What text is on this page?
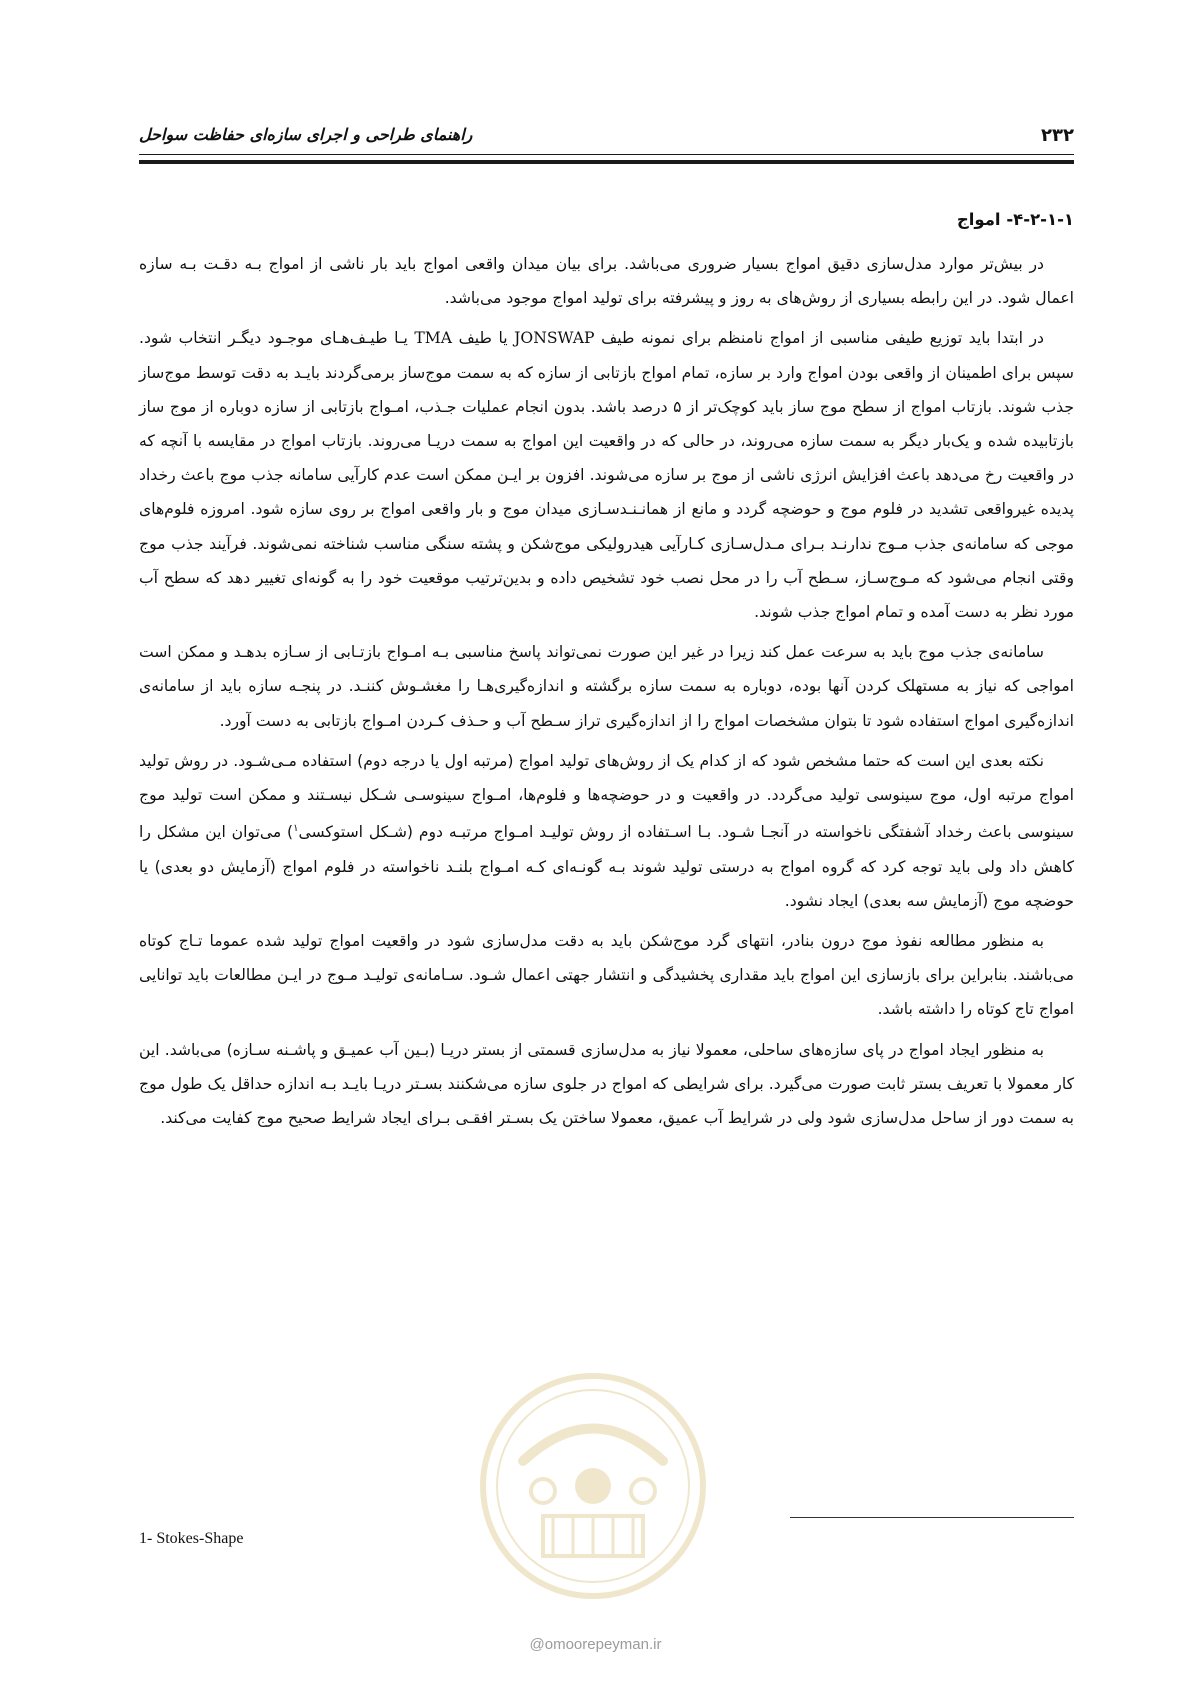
راهنمای طراحی و اجرای سازه‌ای حفاظت سواحل	۲۳۲
۴-۲-۱-۱- امواج

در بیش‌تر موارد مدل‌سازی دقیق امواج بسیار ضروری می‌باشد. برای بیان میدان واقعی امواج باید بار ناشی از امواج بـه دقـت بـه سازه اعمال شود. در این رابطه بسیاری از روش‌های به روز و پیشرفته برای تولید امواج موجود می‌باشد.

در ابتدا باید توزیع طیفی مناسبی از امواج نامنظم برای نمونه طیف JONSWAP یا طیف TMA یـا طیـف‌هـای موجـود دیگـر انتخاب شود. سپس برای اطمینان از واقعی بودن امواج وارد بر سازه، تمام امواج بازتابی از سازه که به سمت موج‌ساز برمی‌گردند بایـد به دقت توسط موج‌ساز جذب شوند. بازتاب امواج از سطح موج ساز باید کوچک‌تر از ۵ درصد باشد. بدون انجام عملیات جـذب، امـواج بازتابی از سازه دوباره از موج ساز بازتابیده شده و یک‌بار دیگر به سمت سازه می‌روند، در حالی که در واقعیت این امواج به سمت دریـا می‌روند. بازتاب امواج در مقایسه با آنچه که در واقعیت رخ می‌دهد باعث افزایش انرژی ناشی از موج بر سازه می‌شوند. افزون بر ایـن ممکن است عدم کارآیی سامانه جذب موج باعث رخداد پدیده غیرواقعی تشدید در فلوم موج و حوضچه گردد و مانع از همانـنـدسـازی میدان موج و بار واقعی امواج بر روی سازه شود. امروزه فلوم‌های موجی که سامانه‌ی جذب مـوج ندارنـد بـرای مـدل‌سـازی کـارآیی هیدرولیکی موج‌شکن و پشته سنگی مناسب شناخته نمی‌شوند. فرآیند جذب موج وقتی انجام می‌شود که مـوج‌سـاز، سـطح آب را در محل نصب خود تشخیص داده و بدین‌ترتیب موقعیت خود را به گونه‌ای تغییر دهد که سطح آب مورد نظر به دست آمده و تمام امواج جذب شوند.

سامانه‌ی جذب موج باید به سرعت عمل کند زیرا در غیر این صورت نمی‌تواند پاسخ مناسبی بـه امـواج بازتـابی از سـازه بدهـد و ممکن است امواجی که نیاز به مستهلک کردن آنها بوده، دوباره به سمت سازه برگشته و اندازه‌گیری‌هـا را مغشـوش کننـد. در پنجـه سازه باید از سامانه‌ی اندازه‌گیری امواج استفاده شود تا بتوان مشخصات امواج را از اندازه‌گیری تراز سـطح آب و حـذف کـردن امـواج بازتابی به دست آورد.

نکته بعدی این است که حتما مشخص شود که از کدام یک از روش‌های تولید امواج (مرتبه اول یا درجه دوم) استفاده مـی‌شـود. در روش تولید امواج مرتبه اول، موج سینوسی تولید می‌گردد. در واقعیت و در حوضچه‌ها و فلوم‌ها، امـواج سینوسـی شـکل نیسـتند و ممکن است تولید موج سینوسی باعث رخداد آشفتگی ناخواسته در آنجـا شـود. بـا اسـتفاده از روش تولیـد امـواج مرتبـه دوم (شـکل استوکسی$^۱$) می‌توان این مشکل را کاهش داد ولی باید توجه کرد که گروه امواج به درستی تولید شوند بـه گونـه‌ای کـه امـواج بلنـد ناخواسته در فلوم امواج (آزمایش دو بعدی) یا حوضچه موج (آزمایش سه بعدی) ایجاد نشود.

به منظور مطالعه نفوذ موج درون بنادر، انتهای گرد موج‌شکن باید به دقت مدل‌سازی شود در واقعیت امواج تولید شده عموما تـاج کوتاه می‌باشند. بنابراین برای بازسازی این امواج باید مقداری پخشیدگی و انتشار جهتی اعمال شـود. سـامانه‌ی تولیـد مـوج در ایـن مطالعات باید توانایی امواج تاج کوتاه را داشته باشد.

به منظور ایجاد امواج در پای سازه‌های ساحلی، معمولا نیاز به مدل‌سازی قسمتی از بستر دریـا (بـین آب عمیـق و پاشـنه سـازه) می‌باشد. این کار معمولا با تعریف بستر ثابت صورت می‌گیرد. برای شرایطی که امواج در جلوی سازه می‌شکنند بسـتر دریـا بایـد بـه اندازه حداقل یک طول موج به سمت دور از ساحل مدل‌سازی شود ولی در شرایط آب عمیق، معمولا ساختن یک بسـتر افقـی بـرای ایجاد شرایط صحیح موج کفایت می‌کند.

1- Stokes-Shape
@omoorepeyman.ir
